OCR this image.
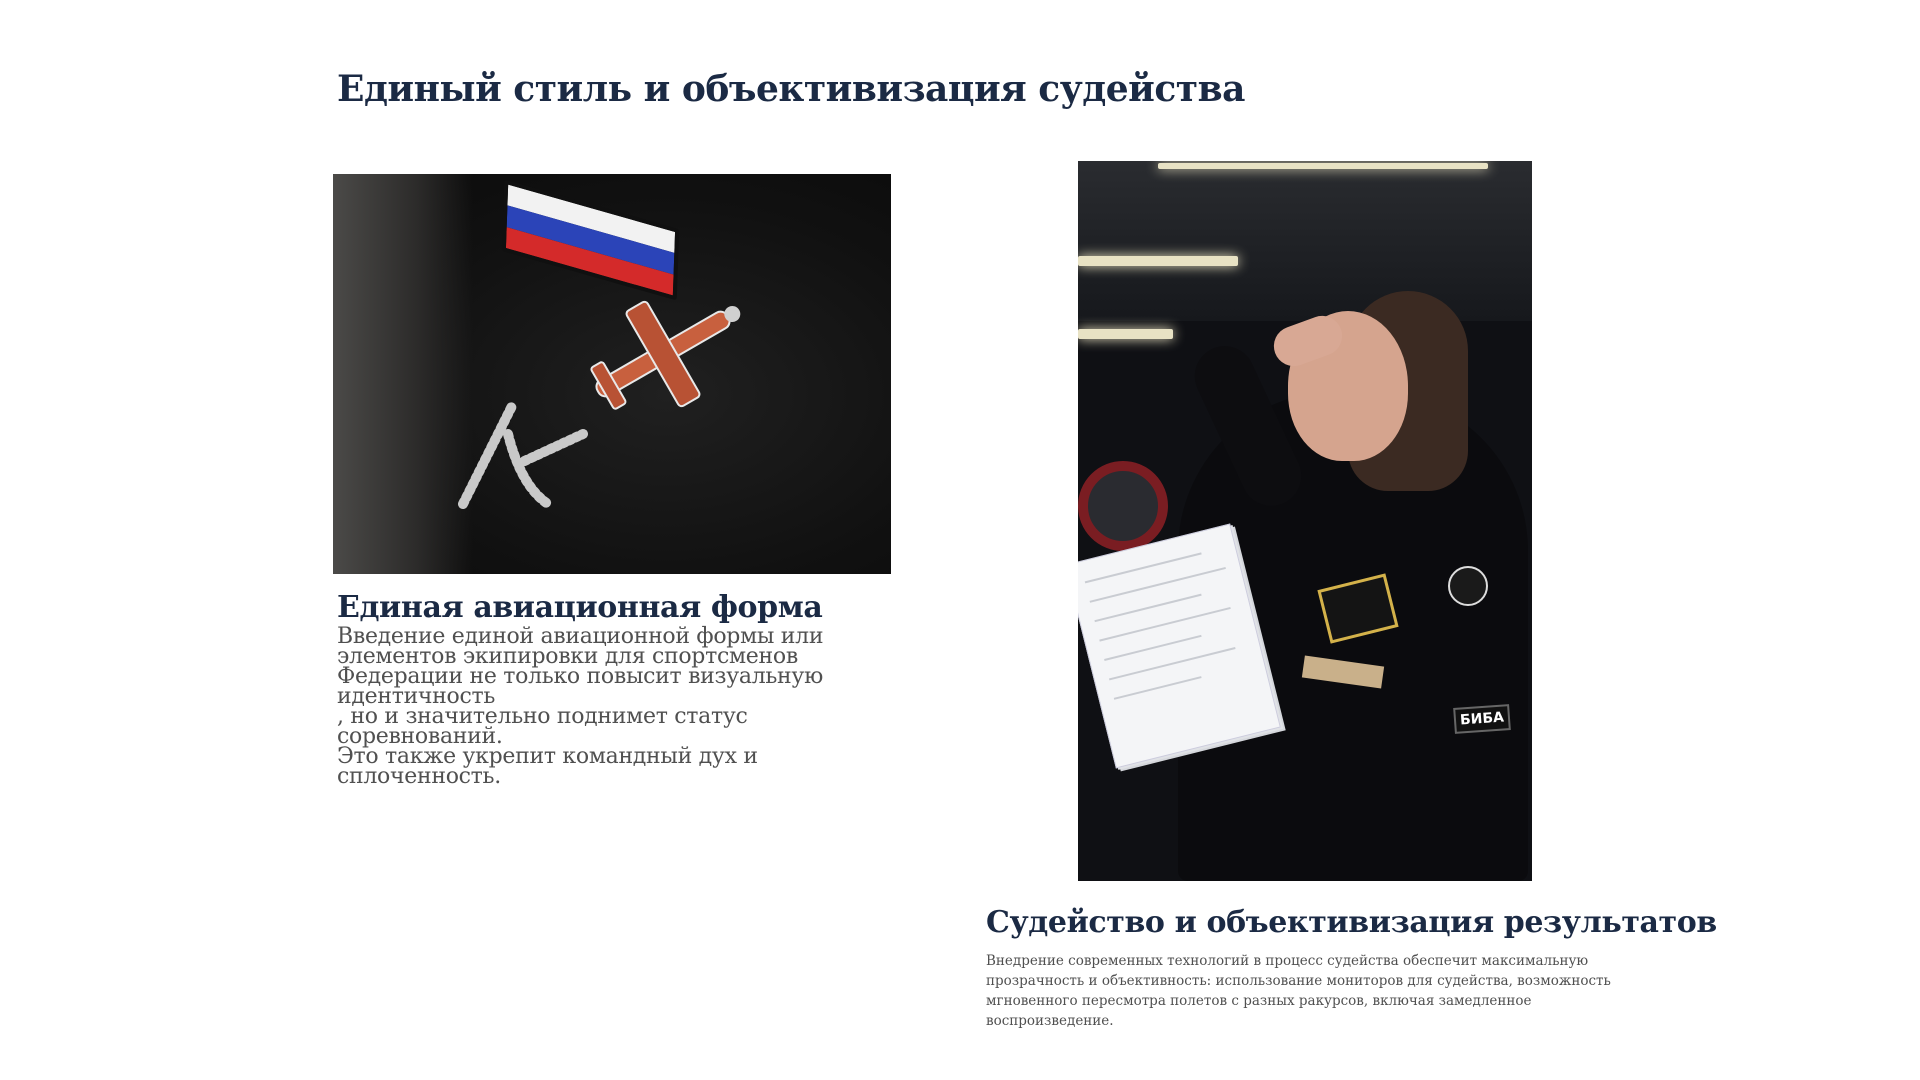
Единый стиль и объективизация судейства
БИБА
Единая авиационная форма
Введение единой авиационной формы или
элементов экипировки для спортсменов
Федерации не только повысит визуальную
идентичность
, но и значительно поднимет статус
соревнований.
Это также укрепит командный дух и
сплоченность.
Судейство и объективизация результатов
Внедрение современных технологий в процесс судейства обеспечит максимальную прозрачность и объективность: использование мониторов для судейства, возможность мгновенного пересмотра полетов с разных ракурсов, включая замедленное воспроизведение.
